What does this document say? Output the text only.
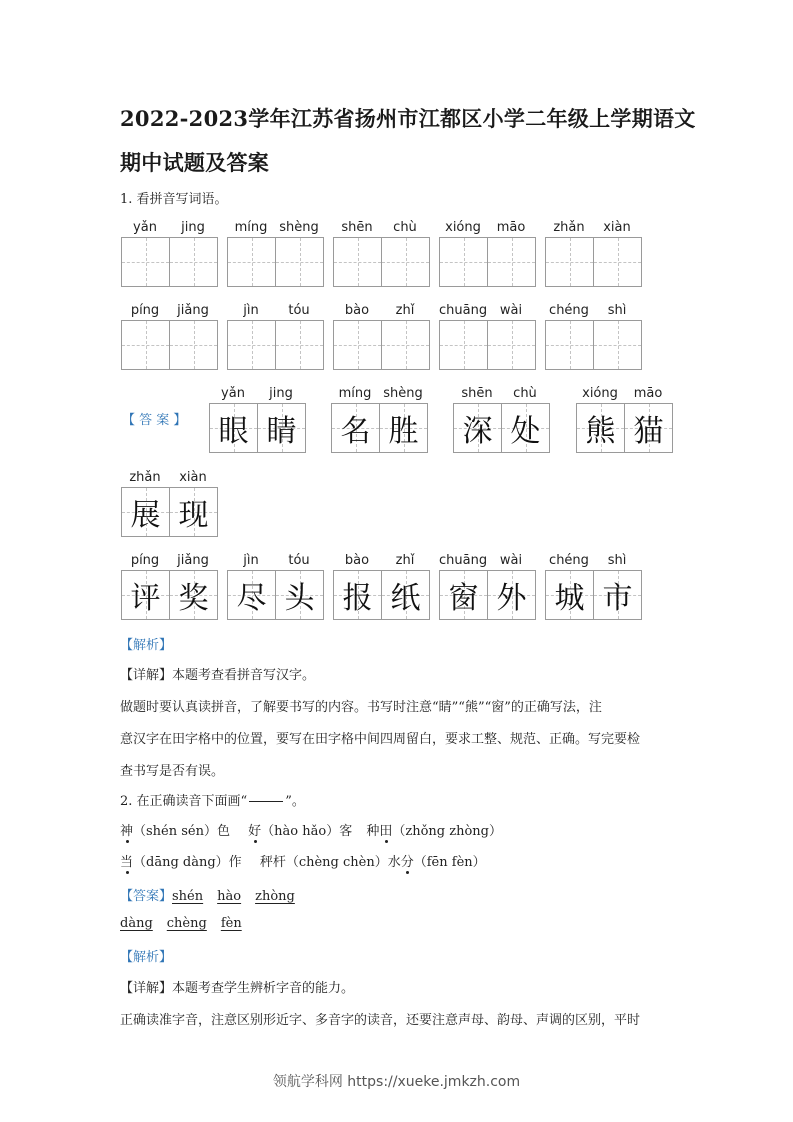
2022-2023学年江苏省扬州市江都区小学二年级上学期语文
期中试题及答案
1. 看拼音写词语。
yǎn	jing	míng shèng	shēn	chù	xióng	māo	zhǎn	xiàn
píng	jiǎng	jìn	tóu	bào	zhǐ	chuāng wài	chéng	shì
【 答 案 】
yǎn	jing
眼 睛
míng shèng
名 胜
shēn	chù
深 处
xióng	māo
熊 猫
zhǎn	xiàn
展 现
píng	jiǎng
评 奖
jìn	tóu
尽 头
bào	zhǐ
报 纸
chuāng wài
窗 外
chéng	shì
城 市
【解析】
【详解】本题考查看拼音写汉字。
做题时要认真读拼音，了解要书写的内容。书写时注意“睛”“熊”“窗”的正确写法，注
意汉字在田字格中的位置，要写在田字格中间四周留白，要求工整、规范、正确。写完要检
查书写是否有误。
2. 在正确读音下面画“	”。
神（shén sén）色 好（hào hǎo）客 种田（zhǒng zhòng）
当（dāng dàng）作 秤杆（chèng chèn）水分（fēn fèn）
【答案】shén hào zhòng
dàng chèng fèn
【解析】
【详解】本题考查学生辨析字音的能力。
正确读准字音，注意区别形近字、多音字的读音，还要注意声母、韵母、声调的区别，平时
领航学科网 https://xueke.jmkzh.com
